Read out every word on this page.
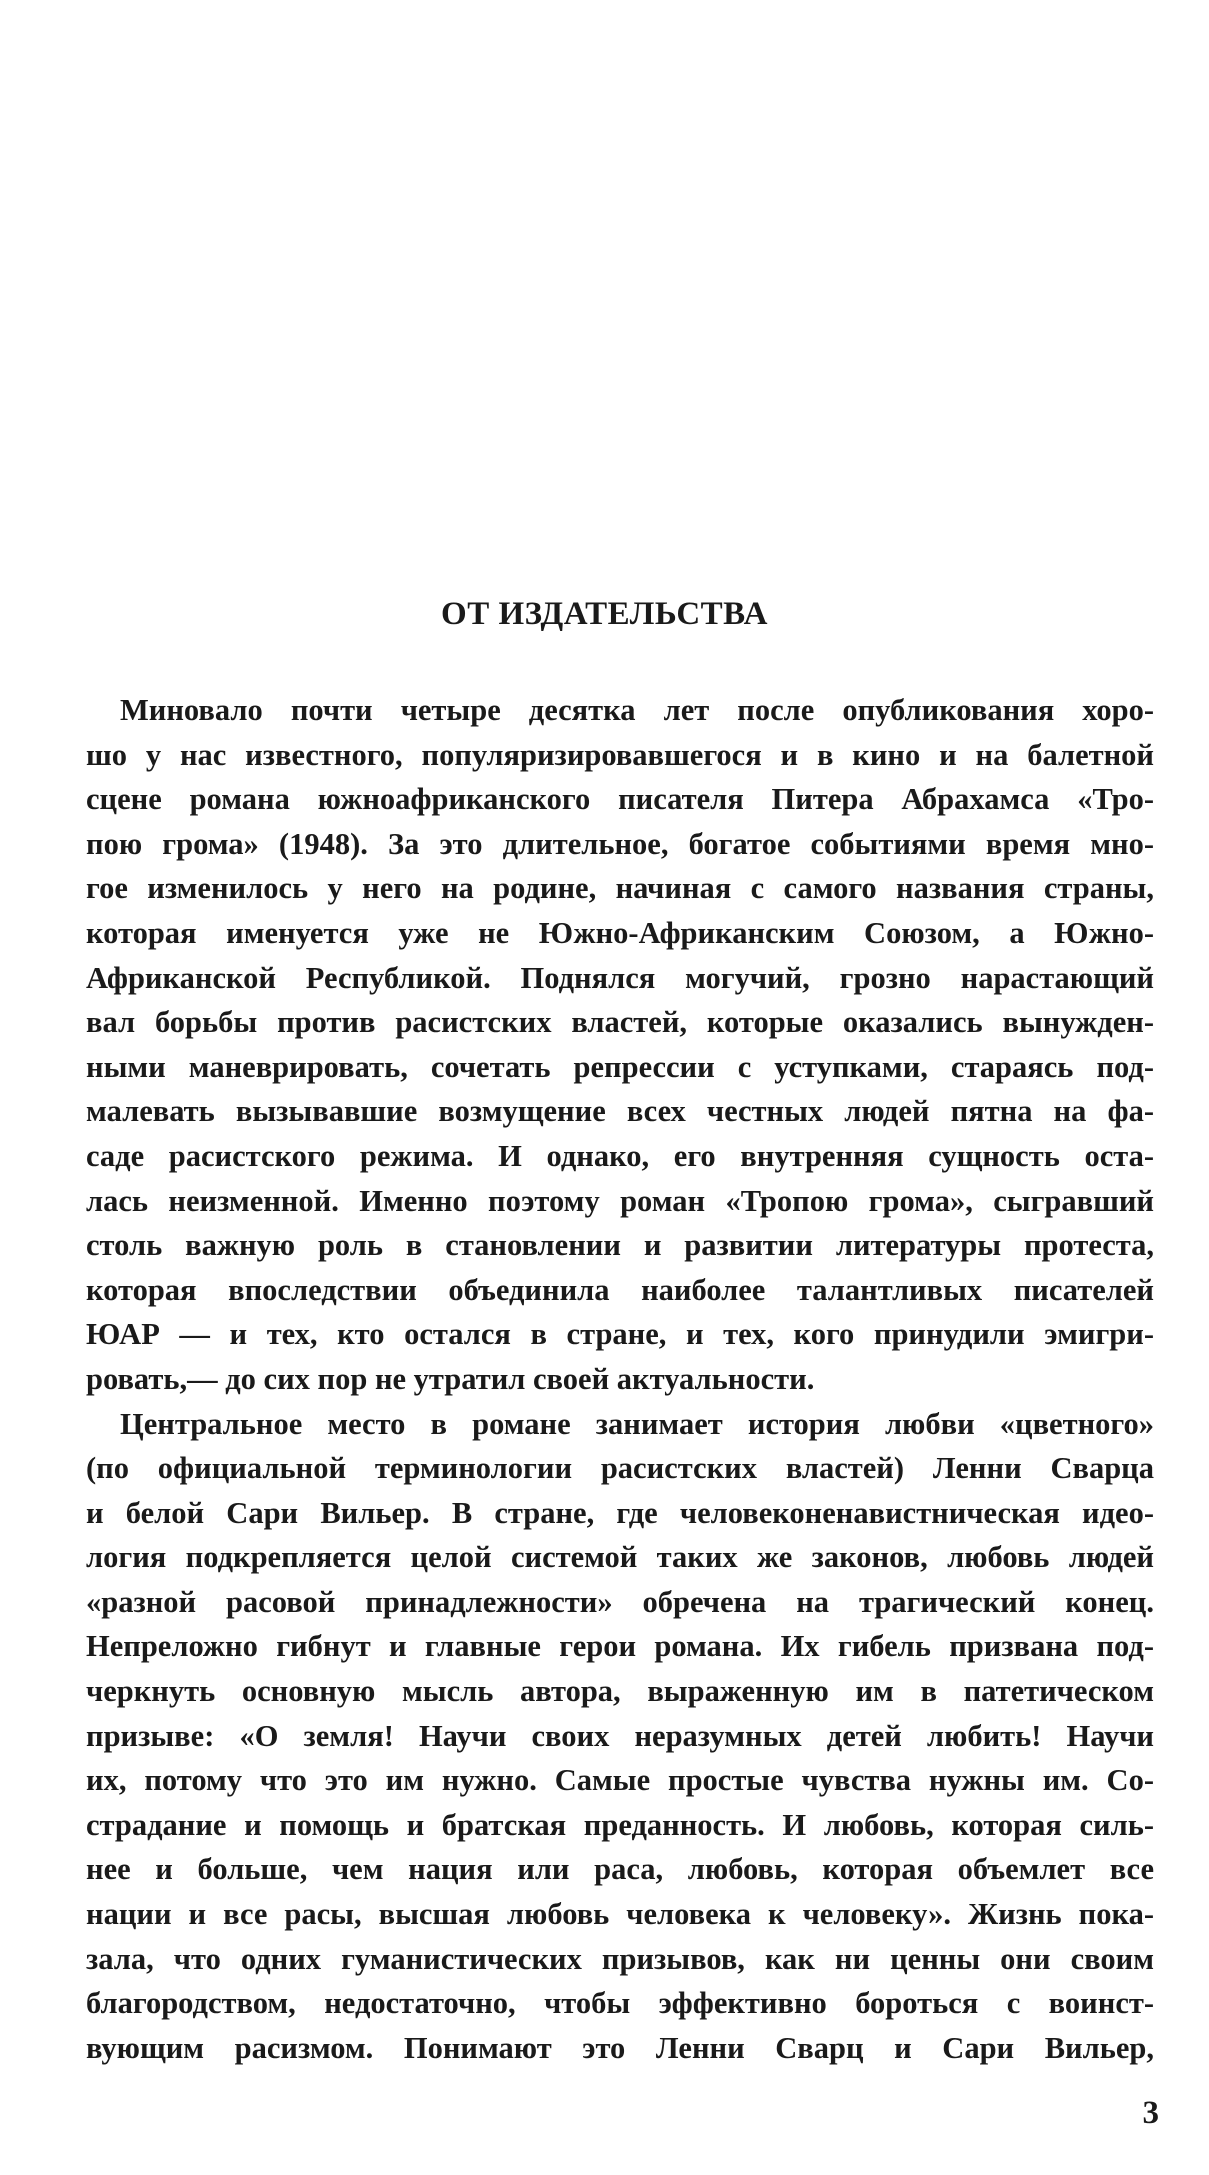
ОТ ИЗДАТЕЛЬСТВА
Миновало почти четыре десятка лет после опубликования хоро-
шо у нас известного, популяризировавшегося и в кино и на балетной
сцене романа южноафриканского писателя Питера Абрахамса «Тро-
пою грома» (1948). За это длительное, богатое событиями время мно-
гое изменилось у него на родине, начиная с самого названия страны,
которая именуется уже не Южно-Африканским Союзом, а Южно-
Африканской Республикой. Поднялся могучий, грозно нарастающий
вал борьбы против расистских властей, которые оказались вынужден-
ными маневрировать, сочетать репрессии с уступками, стараясь под-
малевать вызывавшие возмущение всех честных людей пятна на фа-
саде расистского режима. И однако, его внутренняя сущность оста-
лась неизменной. Именно поэтому роман «Тропою грома», сыгравший
столь важную роль в становлении и развитии литературы протеста,
которая впоследствии объединила наиболее талантливых писателей
ЮАР — и тех, кто остался в стране, и тех, кого принудили эмигри-
ровать,— до сих пор не утратил своей актуальности.
Центральное место в романе занимает история любви «цветного»
(по официальной терминологии расистских властей) Ленни Сварца
и белой Сари Вильер. В стране, где человеконенавистническая идео-
логия подкрепляется целой системой таких же законов, любовь людей
«разной расовой принадлежности» обречена на трагический конец.
Непреложно гибнут и главные герои романа. Их гибель призвана под-
черкнуть основную мысль автора, выраженную им в патетическом
призыве: «О земля! Научи своих неразумных детей любить! Научи
их, потому что это им нужно. Самые простые чувства нужны им. Со-
страдание и помощь и братская преданность. И любовь, которая силь-
нее и больше, чем нация или раса, любовь, которая объемлет все
нации и все расы, высшая любовь человека к человеку». Жизнь пока-
зала, что одних гуманистических призывов, как ни ценны они своим
благородством, недостаточно, чтобы эффективно бороться с воинст-
вующим расизмом. Понимают это Ленни Сварц и Сари Вильер,
3
